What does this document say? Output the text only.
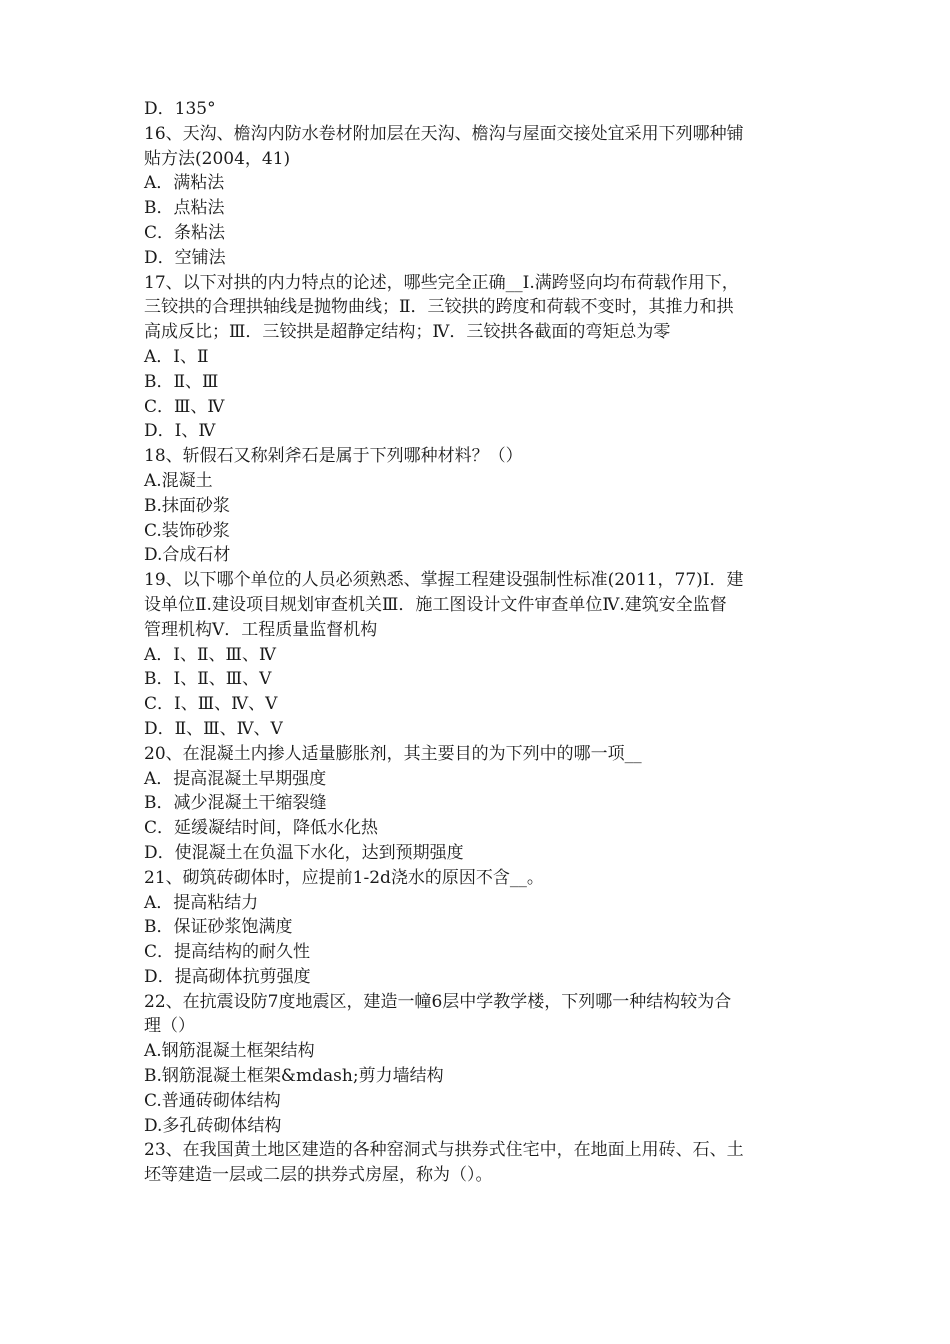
D．135°
16、天沟、檐沟内防水卷材附加层在天沟、檐沟与屋面交接处宜采用下列哪种铺
贴方法(2004，41)
A．满粘法
B．点粘法
C．条粘法
D．空铺法
17、以下对拱的内力特点的论述，哪些完全正确__Ⅰ.满跨竖向均布荷载作用下，
三铰拱的合理拱轴线是抛物曲线；Ⅱ．三铰拱的跨度和荷载不变时，其推力和拱
高成反比；Ⅲ．三铰拱是超静定结构；Ⅳ．三铰拱各截面的弯矩总为零
A．Ⅰ、Ⅱ
B．Ⅱ、Ⅲ
C．Ⅲ、Ⅳ
D．Ⅰ、Ⅳ
18、斩假石又称剁斧石是属于下列哪种材料？（）
A.混凝土
B.抹面砂浆
C.装饰砂浆
D.合成石材
19、以下哪个单位的人员必须熟悉、掌握工程建设强制性标准(2011，77)Ⅰ．建
设单位Ⅱ.建设项目规划审查机关Ⅲ．施工图设计文件审查单位Ⅳ.建筑安全监督
管理机构Ⅴ．工程质量监督机构
A．Ⅰ、Ⅱ、Ⅲ、Ⅳ
B．Ⅰ、Ⅱ、Ⅲ、Ⅴ
C．Ⅰ、Ⅲ、Ⅳ、Ⅴ
D．Ⅱ、Ⅲ、Ⅳ、Ⅴ
20、在混凝土内掺人适量膨胀剂，其主要目的为下列中的哪一项__
A．提高混凝土早期强度
B．减少混凝土干缩裂缝
C．延缓凝结时间，降低水化热
D．使混凝土在负温下水化，达到预期强度
21、砌筑砖砌体时，应提前1-2d浇水的原因不含__。
A．提高粘结力
B．保证砂浆饱满度
C．提高结构的耐久性
D．提高砌体抗剪强度
22、在抗震设防7度地震区，建造一幢6层中学教学楼，下列哪一种结构较为合
理（）
A.钢筋混凝土框架结构
B.钢筋混凝土框架&mdash;剪力墙结构
C.普通砖砌体结构
D.多孔砖砌体结构
23、在我国黄土地区建造的各种窑洞式与拱券式住宅中，在地面上用砖、石、土
坯等建造一层或二层的拱券式房屋，称为（）。
